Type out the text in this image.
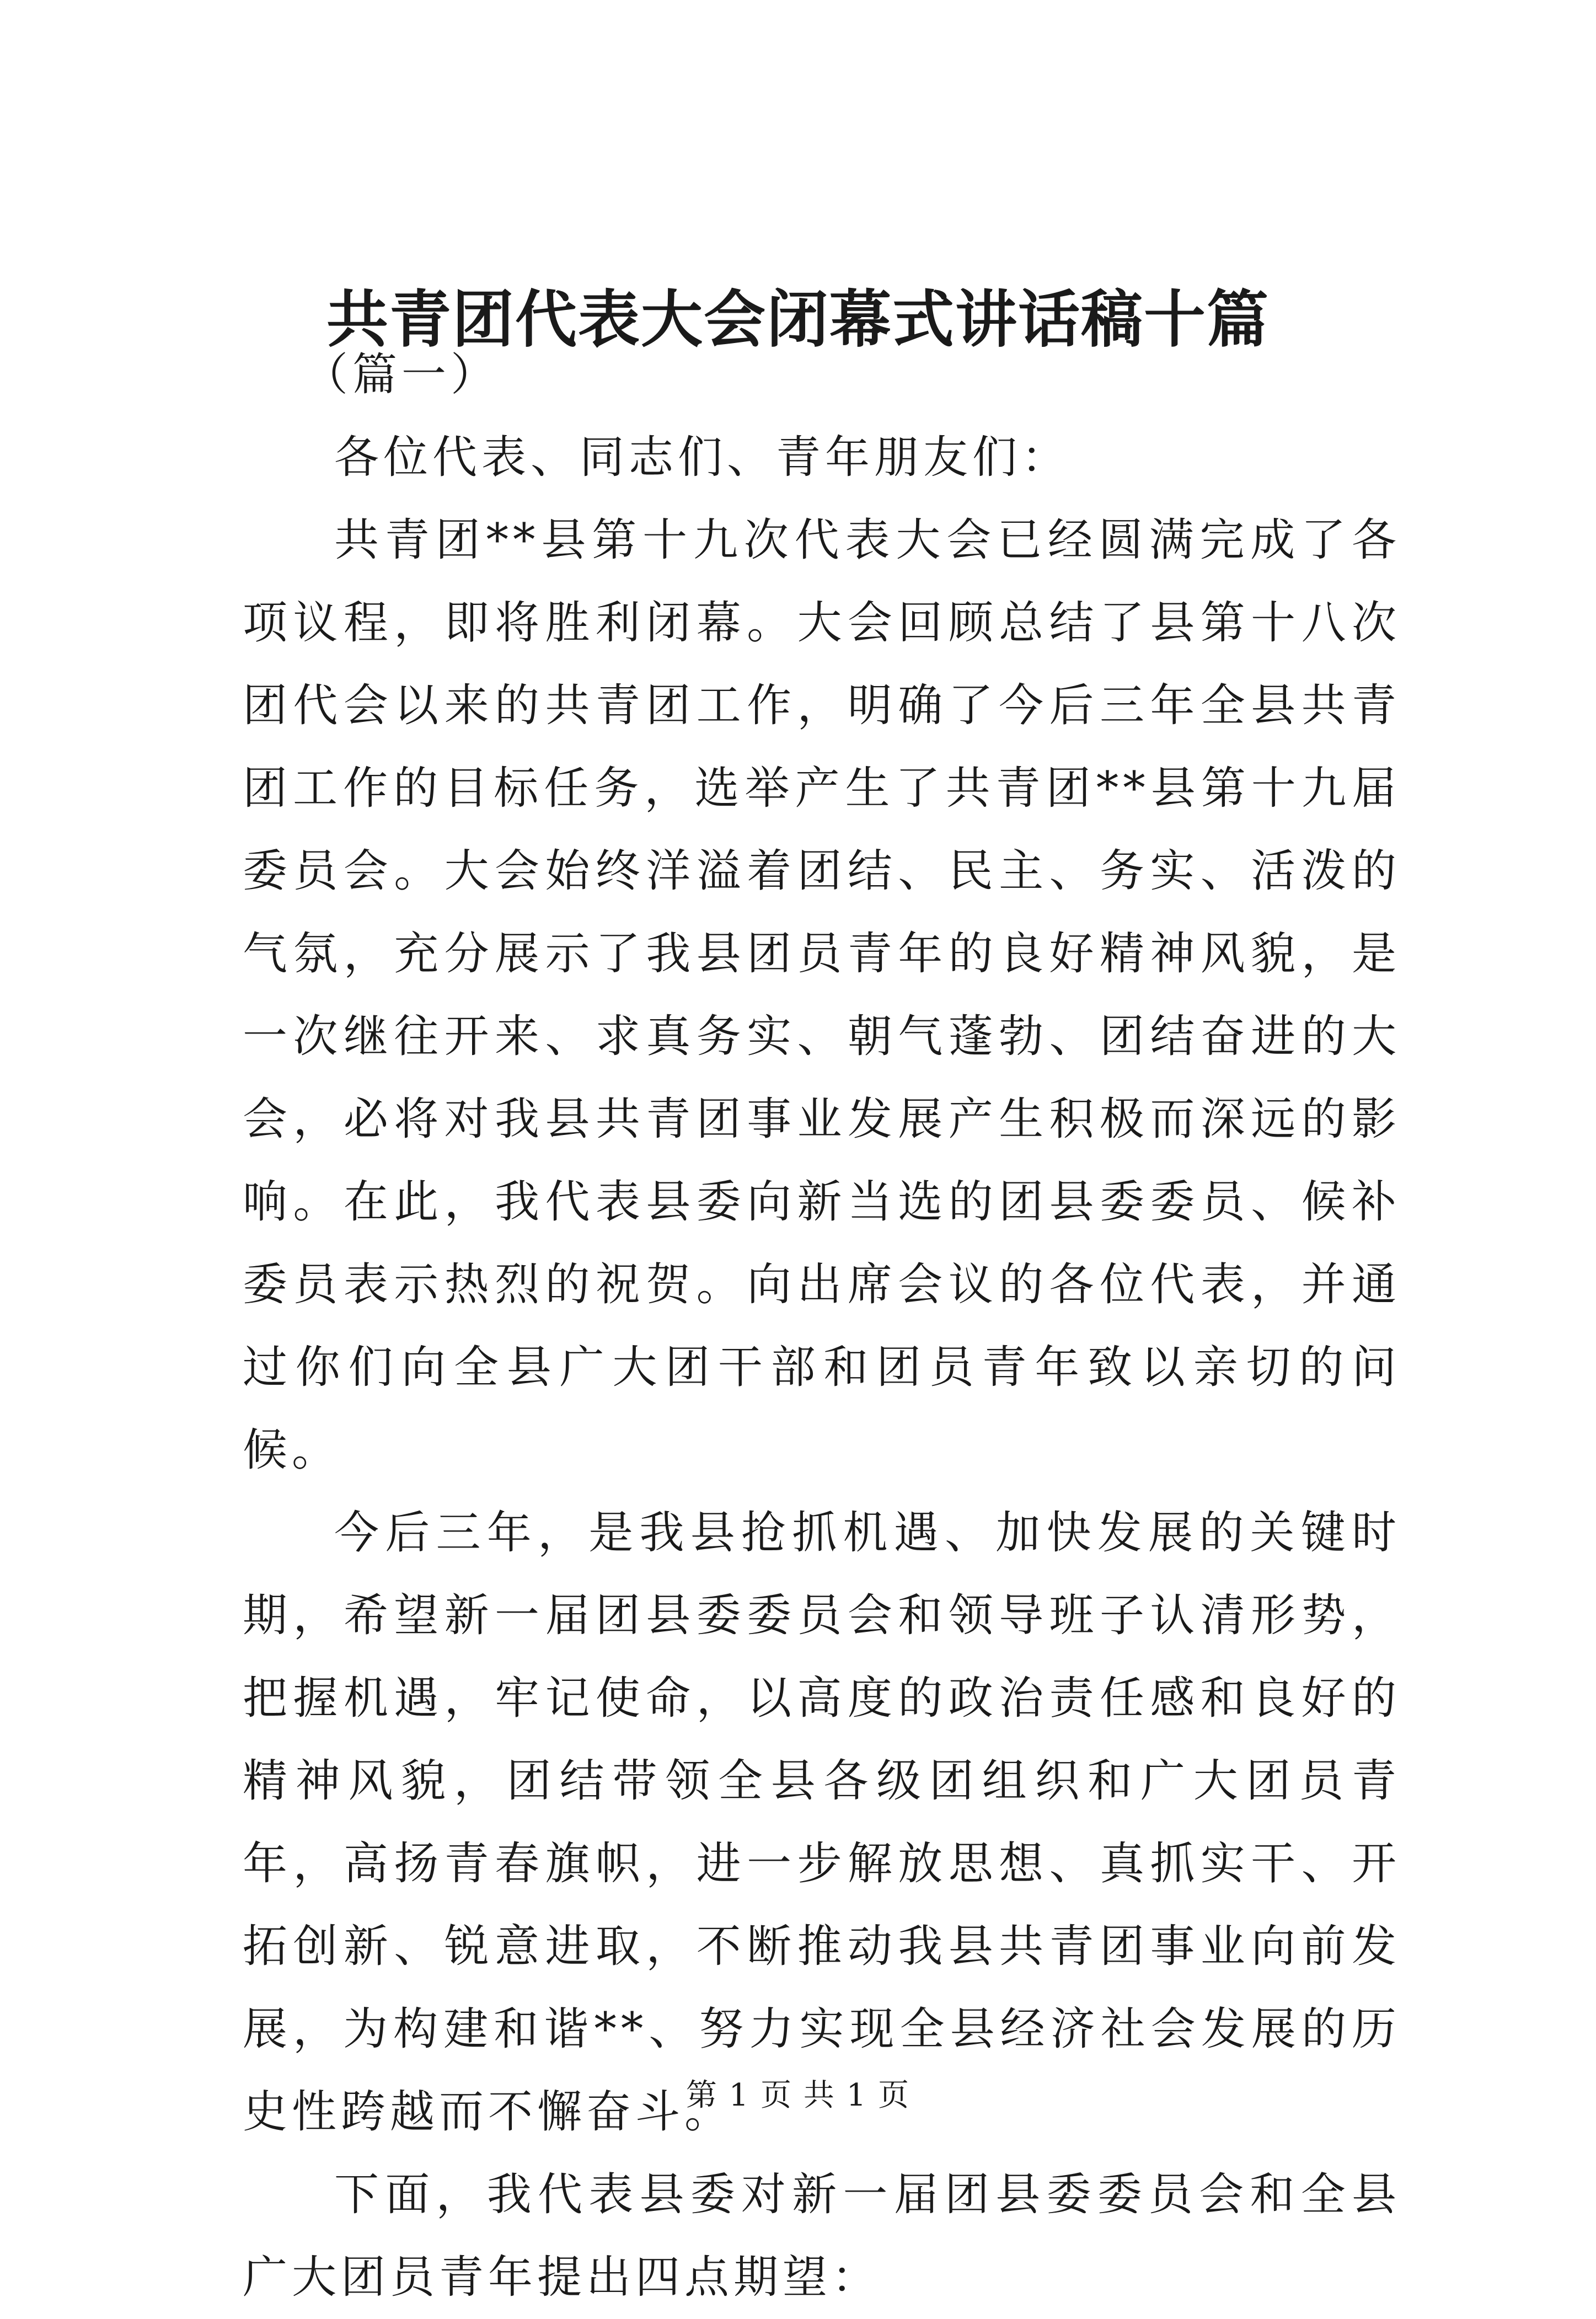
共青团代表大会闭幕式讲话稿十篇

（篇一）

各位代表、同志们、青年朋友们：

共青团**县第十九次代表大会已经圆满完成了各项议程，即将胜利闭幕。大会回顾总结了县第十八次团代会以来的共青团工作，明确了今后三年全县共青团工作的目标任务，选举产生了共青团**县第十九届委员会。大会始终洋溢着团结、民主、务实、活泼的气氛，充分展示了我县团员青年的良好精神风貌，是一次继往开来、求真务实、朝气蓬勃、团结奋进的大会，必将对我县共青团事业发展产生积极而深远的影响。在此，我代表县委向新当选的团县委委员、候补委员表示热烈的祝贺。向出席会议的各位代表，并通过你们向全县广大团干部和团员青年致以亲切的问候。

今后三年，是我县抢抓机遇、加快发展的关键时期，希望新一届团县委委员会和领导班子认清形势，把握机遇，牢记使命，以高度的政治责任感和良好的精神风貌，团结带领全县各级团组织和广大团员青年，高扬青春旗帜，进一步解放思想、真抓实干、开拓创新、锐意进取，不断推动我县共青团事业向前发展，为构建和谐**、努力实现全县经济社会发展的历史性跨越而不懈奋斗。

下面，我代表县委对新一届团县委委员会和全县广大团员青年提出四点期望：

第 1 页 共 1 页
